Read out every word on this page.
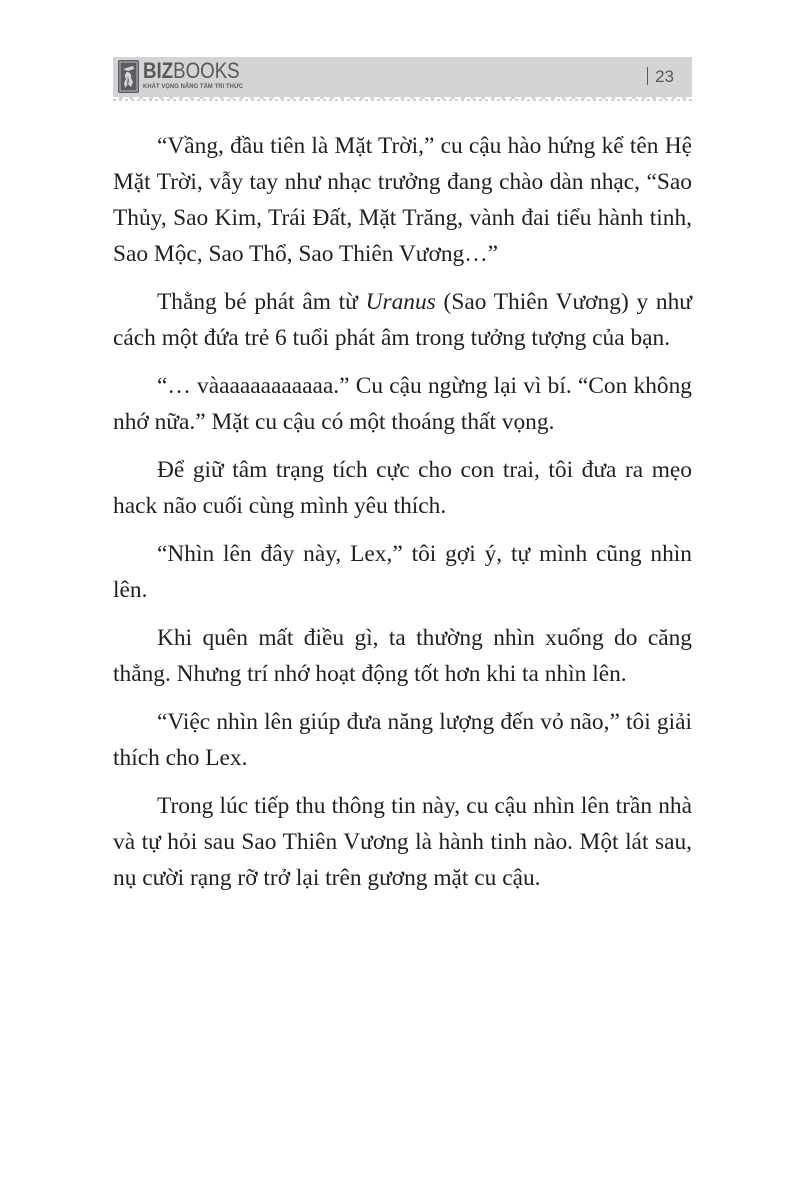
BIZBOOKS
KHÁT VỌNG NÂNG TẦM TRI THỨC
23

“Vầng, đầu tiên là Mặt Trời,” cu cậu hào hứng kể tên Hệ Mặt Trời, vẫy tay như nhạc trưởng đang chào dàn nhạc, “Sao Thủy, Sao Kim, Trái Đất, Mặt Trăng, vành đai tiểu hành tinh, Sao Mộc, Sao Thổ, Sao Thiên Vương…”

Thằng bé phát âm từ Uranus (Sao Thiên Vương) y như cách một đứa trẻ 6 tuổi phát âm trong tưởng tượng của bạn.

“… vàaaaaaaaaaaa.” Cu cậu ngừng lại vì bí. “Con không nhớ nữa.” Mặt cu cậu có một thoáng thất vọng.

Để giữ tâm trạng tích cực cho con trai, tôi đưa ra mẹo hack não cuối cùng mình yêu thích.

“Nhìn lên đây này, Lex,” tôi gợi ý, tự mình cũng nhìn lên.

Khi quên mất điều gì, ta thường nhìn xuống do căng thẳng. Nhưng trí nhớ hoạt động tốt hơn khi ta nhìn lên.

“Việc nhìn lên giúp đưa năng lượng đến vỏ não,” tôi giải thích cho Lex.

Trong lúc tiếp thu thông tin này, cu cậu nhìn lên trần nhà và tự hỏi sau Sao Thiên Vương là hành tinh nào. Một lát sau, nụ cười rạng rỡ trở lại trên gương mặt cu cậu.
